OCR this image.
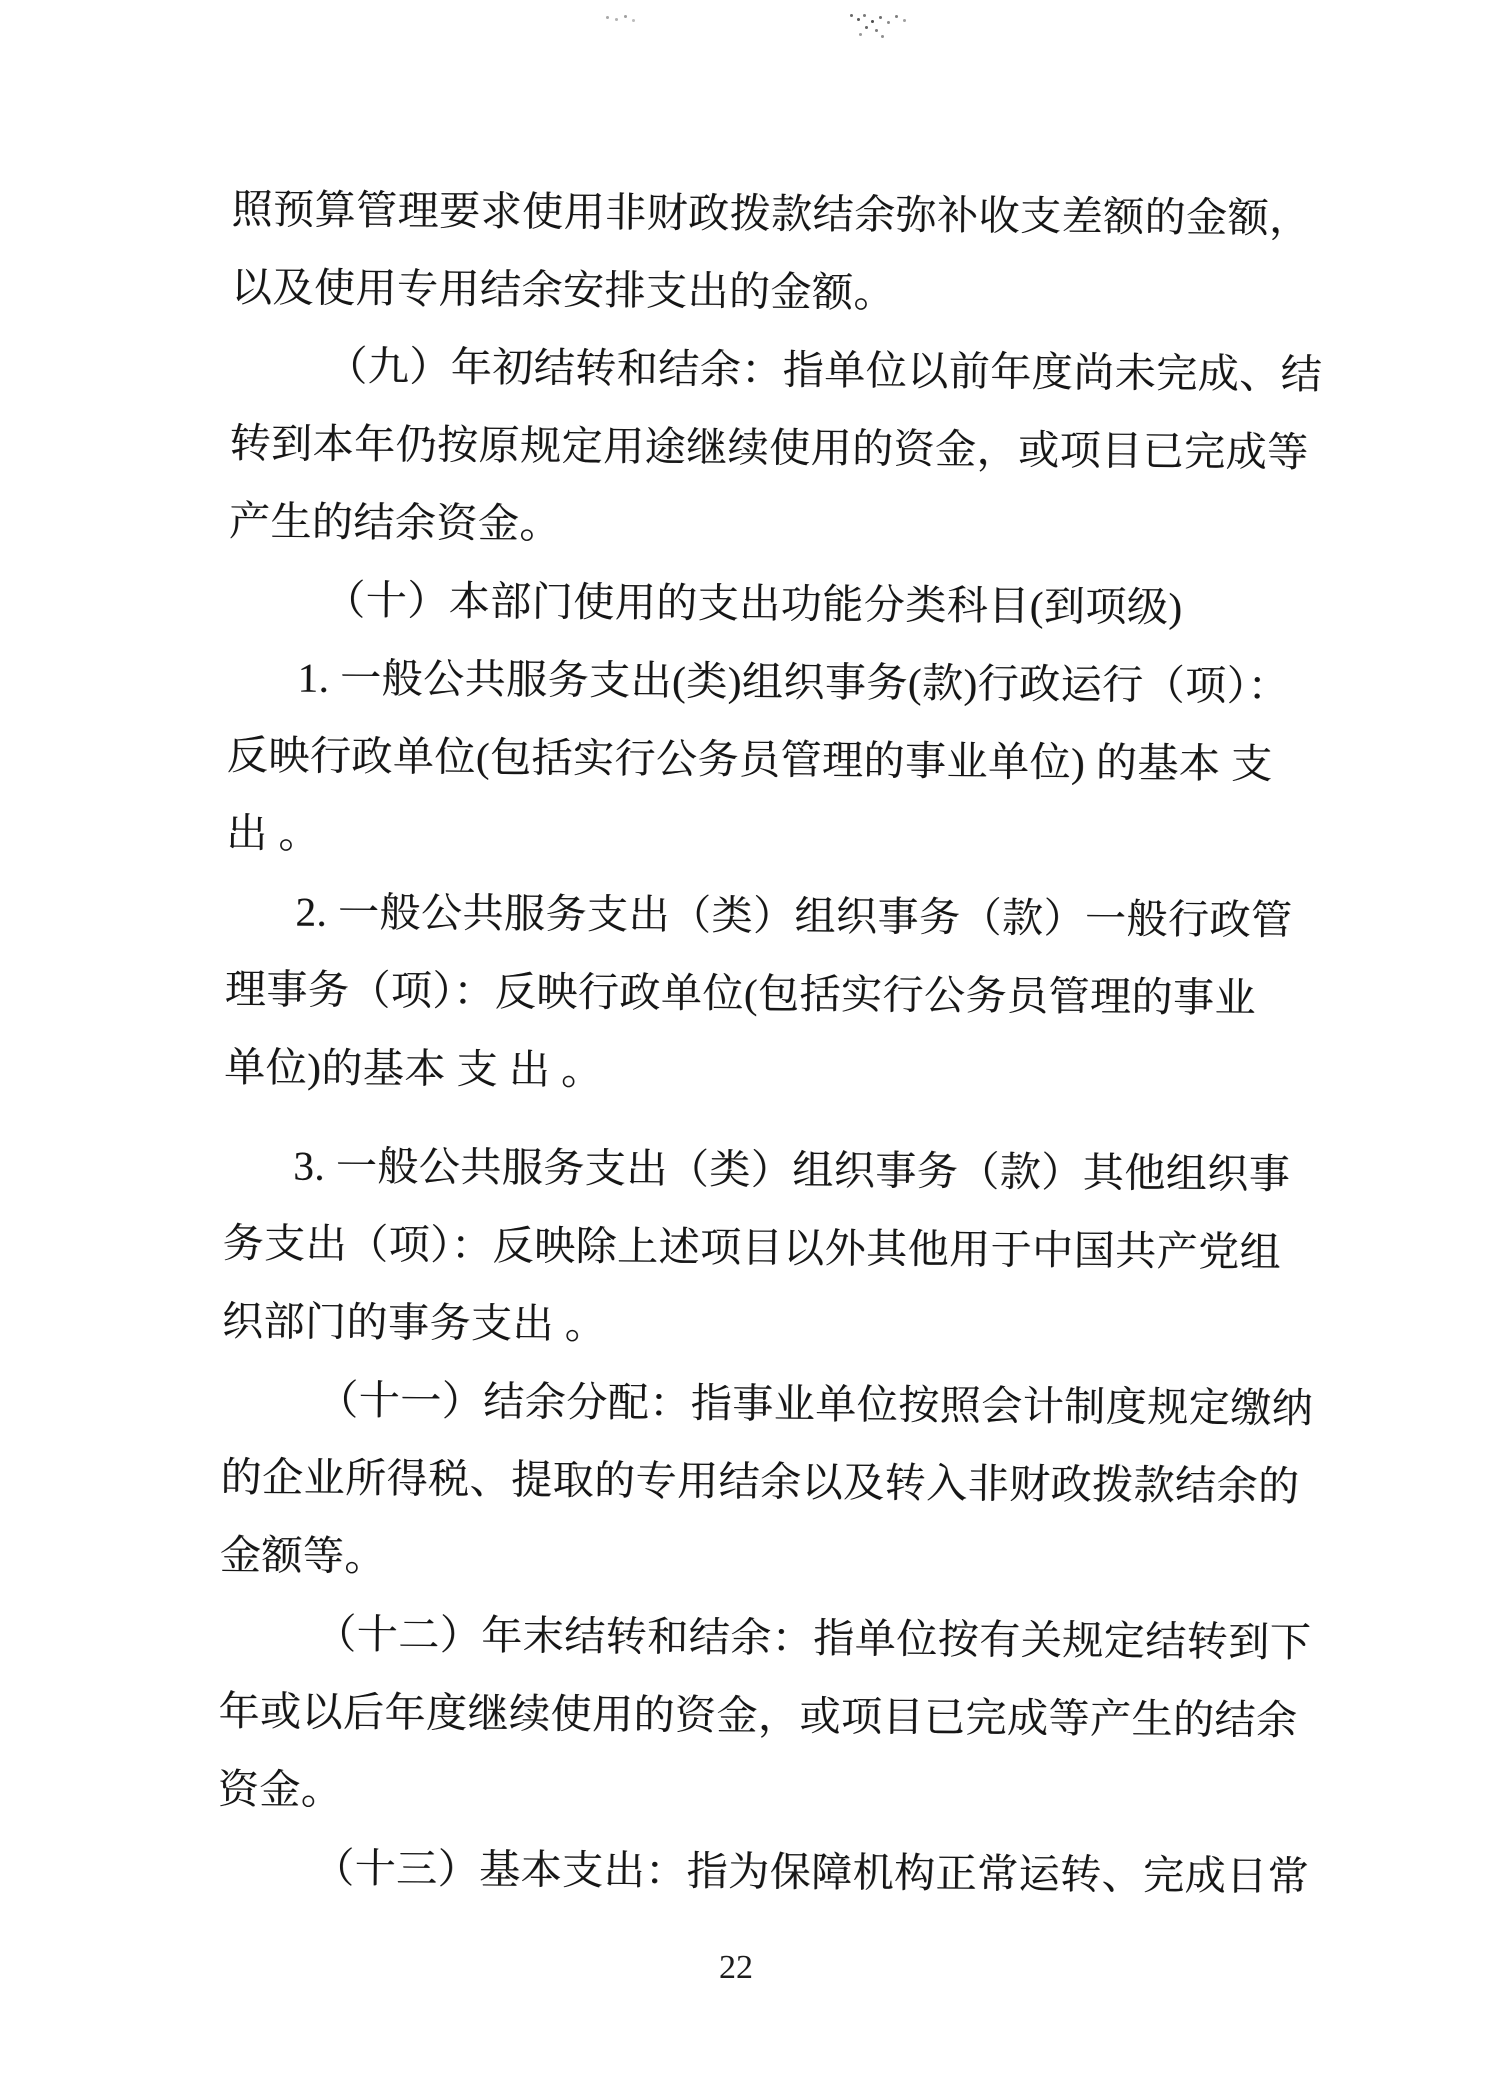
照预算管理要求使用非财政拨款结余弥补收支差额的金额，
以及使用专用结余安排支出的金额。
（九）年初结转和结余：指单位以前年度尚未完成、结
转到本年仍按原规定用途继续使用的资金，或项目已完成等
产生的结余资金。
（十）本部门使用的支出功能分类科目(到项级)
1. 一般公共服务支出(类)组织事务(款)行政运行（项）：
反映行政单位(包括实行公务员管理的事业单位) 的基本 支
出 。
2. 一般公共服务支出（类）组织事务（款）一般行政管
理事务（项）：反映行政单位(包括实行公务员管理的事业
单位)的基本 支 出 。
3. 一般公共服务支出（类）组织事务（款）其他组织事
务支出（项）：反映除上述项目以外其他用于中国共产党组
织部门的事务支出 。
（十一）结余分配：指事业单位按照会计制度规定缴纳
的企业所得税、提取的专用结余以及转入非财政拨款结余的
金额等。
（十二）年末结转和结余：指单位按有关规定结转到下
年或以后年度继续使用的资金，或项目已完成等产生的结余
资金。
（十三）基本支出：指为保障机构正常运转、完成日常
22
